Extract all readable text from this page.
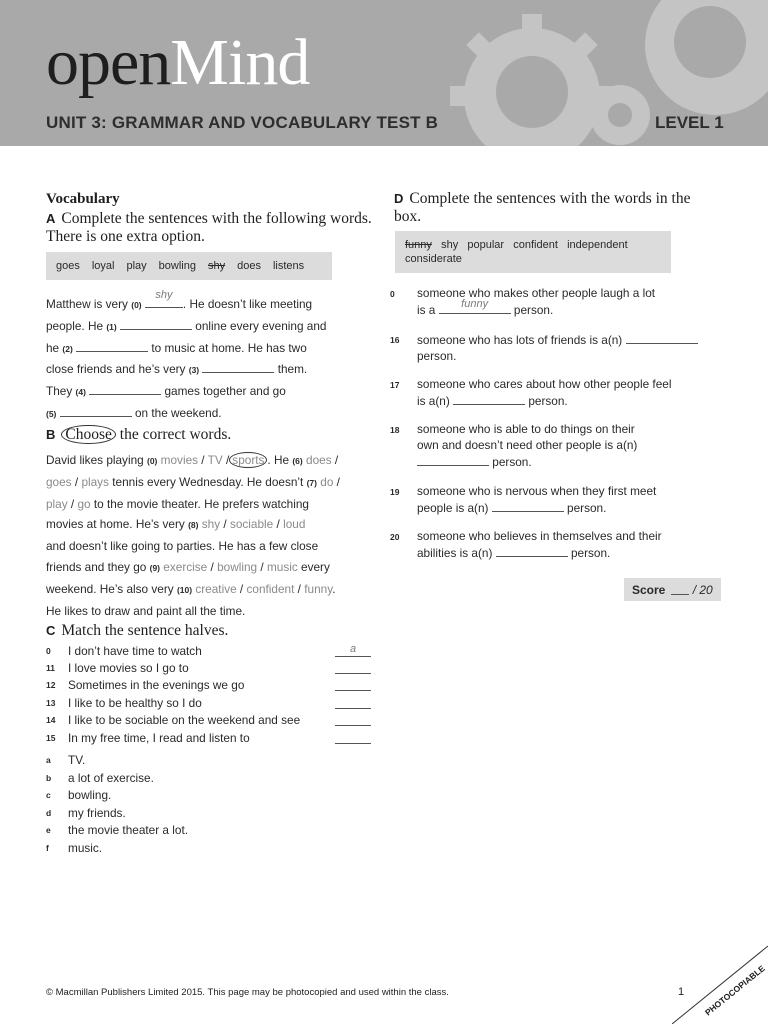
openMind
UNIT 3: GRAMMAR AND VOCABULARY TEST B	LEVEL 1
Vocabulary
A Complete the sentences with the following words. There is one extra option.
goes loyal play bowling shy does listens
Matthew is very (0)
shy
. He doesn’t like meeting
people. He (1)	online every evening and
he (2)	to music at home. He has two
close friends and he’s very (3)	them.
They (4)	games together and go
(5)	on the weekend.
B Choose the correct words.
David likes playing (0) movies / TV / sports . He (6) does /
goes / plays tennis every Wednesday. He doesn’t (7) do /
play / go to the movie theater. He prefers watching
movies at home. He’s very (8) shy / sociable / loud
and doesn’t like going to parties. He has a few close
friends and they go (9) exercise / bowling / music every
weekend. He’s also very (10) creative / confident / funny.
He likes to draw and paint all the time.
C Match the sentence halves.
0 I don’t have time to watch	a
11 I love movies so I go to
12 Sometimes in the evenings we go
13 I like to be healthy so I do
14 I like to be sociable on the weekend and see
15 In my free time, I read and listen to
a TV.
b a lot of exercise.
c bowling.
d my friends.
e the movie theater a lot.
f music.
D Complete the sentences with the words in the box.
funny shy popular confident independent
considerate
0 someone who makes other people laugh a lot
is a	funny	person.
16 someone who has lots of friends is a(n)
person.
17 someone who cares about how other people feel
is a(n)	person.
18 someone who is able to do things on their
own and doesn’t need other people is a(n)
person.
19 someone who is nervous when they first meet
people is a(n)	person.
20 someone who believes in themselves and their
abilities is a(n)	person.
Score
/ 20
© Macmillan Publishers Limited 2015. This page may be photocopied and used within the class.	1 PHOTOCOPIABLE
